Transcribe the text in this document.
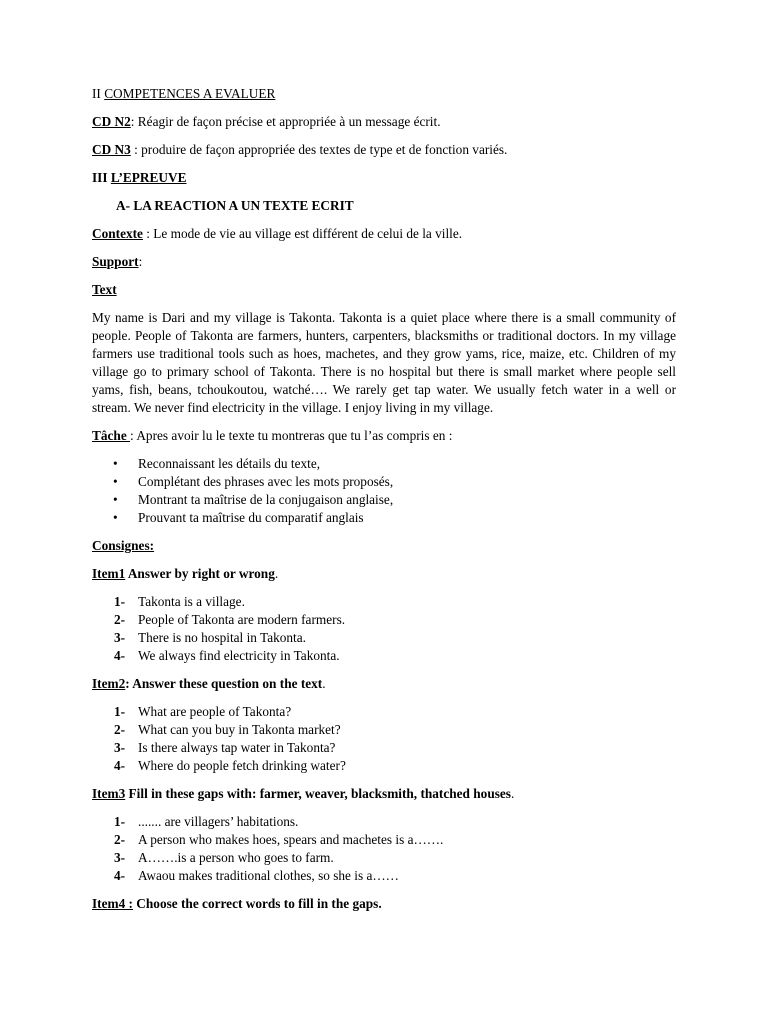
II COMPETENCES A EVALUER

CD N2: Réagir de façon précise et appropriée à un message écrit.

CD N3 : produire de façon appropriée des textes de type et de fonction variés.

III L’EPREUVE

A- LA REACTION A UN TEXTE ECRIT

Contexte : Le mode de vie au village est différent de celui de la ville.

Support:

Text

My name is Dari and my village is Takonta. Takonta is a quiet place where there is a small community of people. People of Takonta are farmers, hunters, carpenters, blacksmiths or traditional doctors. In my village farmers use traditional tools such as hoes, machetes, and they grow yams, rice, maize, etc. Children of my village go to primary school of Takonta. There is no hospital but there is small market where people sell yams, fish, beans, tchoukoutou, watché…. We rarely get tap water. We usually fetch water in a well or stream. We never find electricity in the village. I enjoy living in my village.

Tâche : Apres avoir lu le texte tu montreras que tu l’as compris en :

• Reconnaissant les détails du texte,
• Complétant des phrases avec les mots proposés,
• Montrant ta maîtrise de la conjugaison anglaise,
• Prouvant ta maîtrise du comparatif anglais

Consignes:

Item1 Answer by right or wrong.

1- Takonta is a village.
2- People of Takonta are modern farmers.
3- There is no hospital in Takonta.
4- We always find electricity in Takonta.

Item2: Answer these question on the text.

1- What are people of Takonta?
2- What can you buy in Takonta market?
3- Is there always tap water in Takonta?
4- Where do people fetch drinking water?

Item3 Fill in these gaps with: farmer, weaver, blacksmith, thatched houses.

1- ....... are villagers’ habitations.
2- A person who makes hoes, spears and machetes is a…….
3- A…….is a person who goes to farm.
4- Awaou makes traditional clothes, so she is a……

Item4 : Choose the correct words to fill in the gaps.
